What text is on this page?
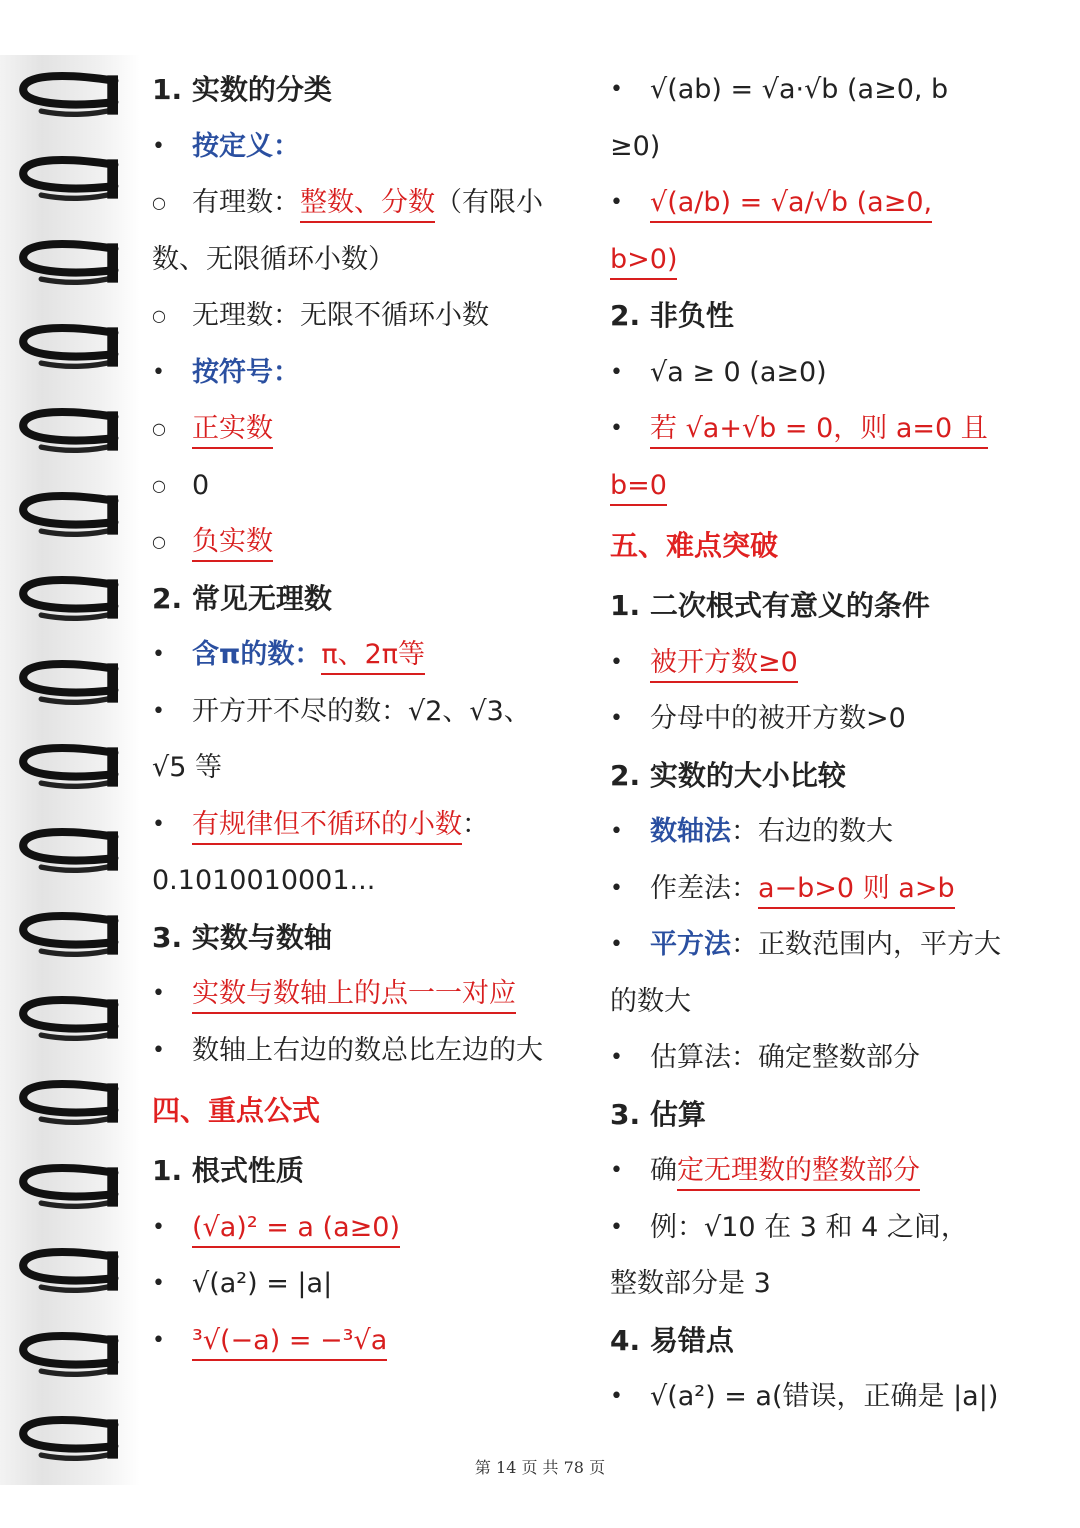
1. 实数的分类
• 按定义：
○ 有理数：整数、分数（有限小
数、无限循环小数）
○ 无理数：无限不循环小数
• 按符号：
○ 正实数
○ 0
○ 负实数
2. 常见无理数
• 含π的数：π、2π等
• 开方开不尽的数：√2、√3、
√5 等
• 有规律但不循环的小数：
0.1010010001...
3. 实数与数轴
• 实数与数轴上的点一一对应
• 数轴上右边的数总比左边的大
四、重点公式
1. 根式性质
• (√a)² = a (a≥0)
• √(a²) = |a|
• ³√(−a) = −³√a
• √(ab) = √a·√b (a≥0, b
≥0)
• √(a/b) = √a/√b (a≥0,
b>0)
2. 非负性
• √a ≥ 0 (a≥0)
• 若 √a+√b = 0，则 a=0 且
b=0
五、难点突破
1. 二次根式有意义的条件
• 被开方数≥0
• 分母中的被开方数>0
2. 实数的大小比较
• 数轴法：右边的数大
• 作差法：a−b>0 则 a>b
• 平方法：正数范围内，平方大
的数大
• 估算法：确定整数部分
3. 估算
• 确定无理数的整数部分
• 例：√10 在 3 和 4 之间，
整数部分是 3
4. 易错点
• √(a²) = a(错误，正确是 |a|)
第 14 页 共 78 页
